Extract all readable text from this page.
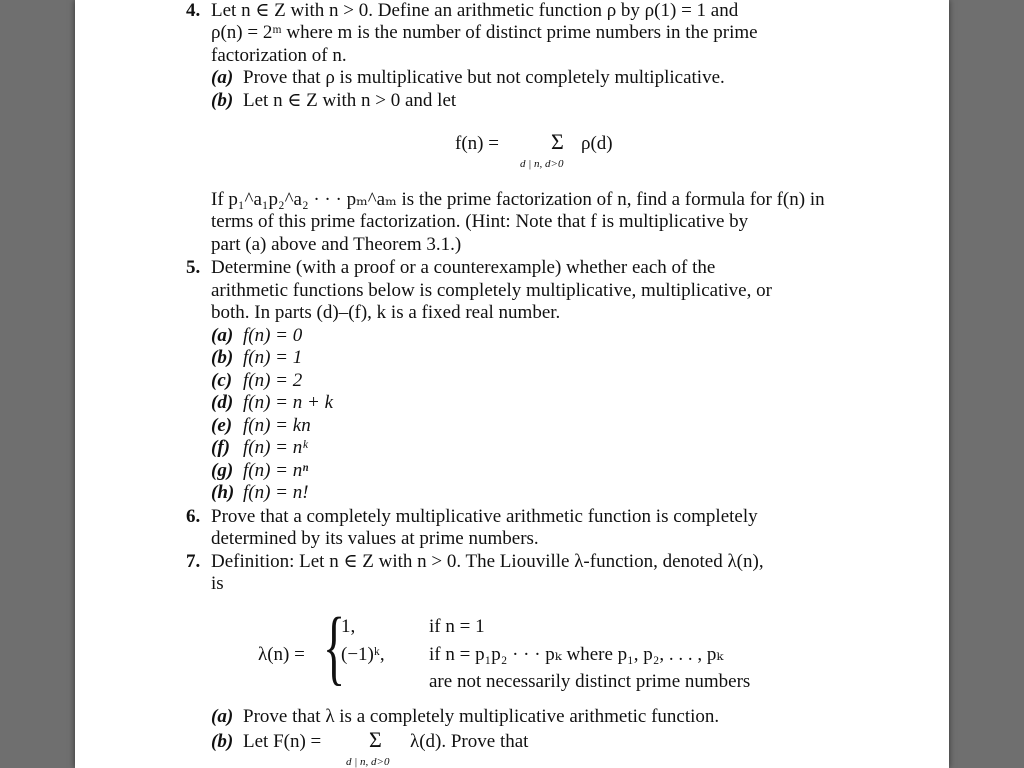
4. Let n ∈ Z with n > 0. Define an arithmetic function ρ by ρ(1) = 1 and
ρ(n) = 2ᵐ where m is the number of distinct prime numbers in the prime
factorization of n.
(a) Prove that ρ is multiplicative but not completely multiplicative.
(b) Let n ∈ Z with n > 0 and let
f(n) = Σ ρ(d)
d | n, d>0
If p₁^a₁p₂^a₂ · · · pₘ^aₘ is the prime factorization of n, find a formula for f(n) in
terms of this prime factorization. (Hint: Note that f is multiplicative by
part (a) above and Theorem 3.1.)
5. Determine (with a proof or a counterexample) whether each of the
arithmetic functions below is completely multiplicative, multiplicative, or
both. In parts (d)–(f), k is a fixed real number.
(a) f(n) = 0
(b) f(n) = 1
(c) f(n) = 2
(d) f(n) = n + k
(e) f(n) = kn
(f) f(n) = nᵏ
(g) f(n) = nⁿ
(h) f(n) = n!
6. Prove that a completely multiplicative arithmetic function is completely
determined by its values at prime numbers.
7. Definition: Let n ∈ Z with n > 0. The Liouville λ-function, denoted λ(n),
is
λ(n) = {
1,	if n = 1
(−1)ᵏ, if n = p₁p₂ · · · pₖ where p₁, p₂, . . . , pₖ
are not necessarily distinct prime numbers
(a) Prove that λ is a completely multiplicative arithmetic function.
(b) Let F(n) = Σ λ(d). Prove that
d | n, d>0
